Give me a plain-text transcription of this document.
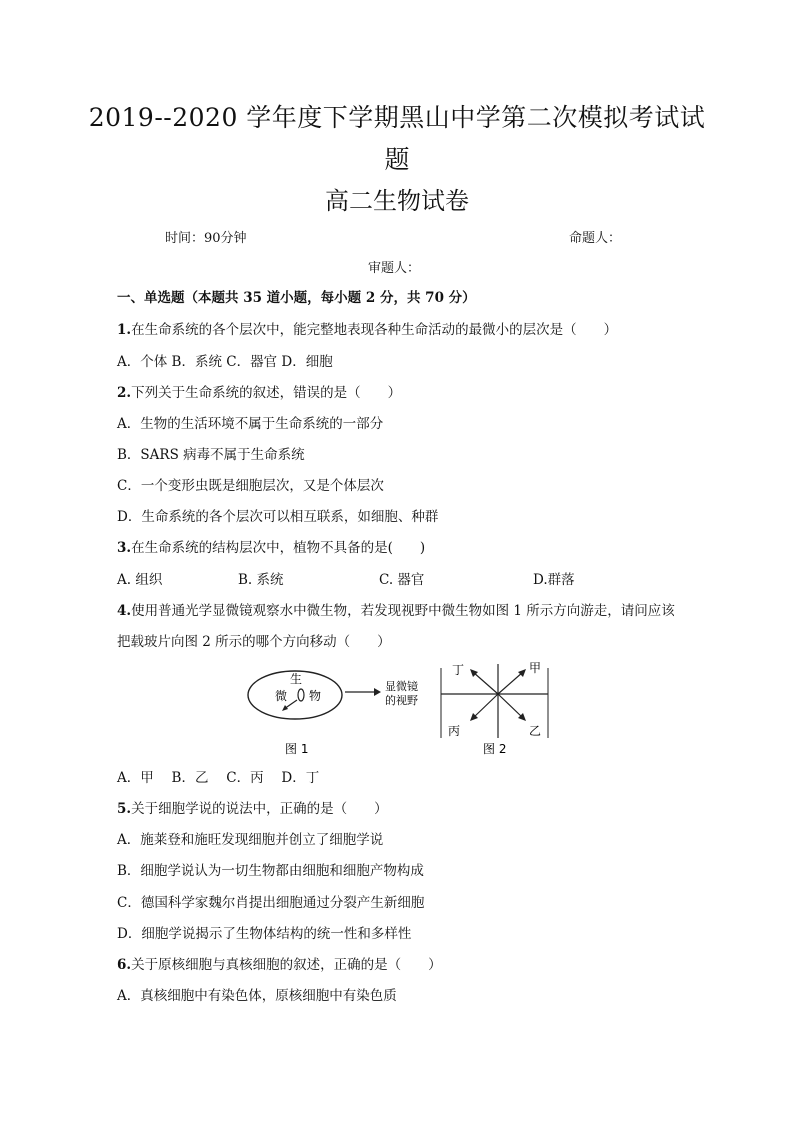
2019--2020 学年度下学期黑山中学第二次模拟考试试
题
高二生物试卷
时间：90分钟	命题人：
审题人：
一、单选题（本题共 35 道小题，每小题 2 分，共 70 分）
1.在生命系统的各个层次中，能完整地表现各种生命活动的最微小的层次是（　　）
A．个体 B．系统 C．器官 D．细胞
2.下列关于生命系统的叙述，错误的是（　　）
A．生物的生活环境不属于生命系统的一部分
B．SARS 病毒不属于生命系统
C．一个变形虫既是细胞层次，又是个体层次
D．生命系统的各个层次可以相互联系，如细胞、种群
3.在生命系统的结构层次中，植物不具备的是(　　)
A. 组织	B. 系统	C. 器官	D.群落
4.使用普通光学显微镜观察水中微生物，若发现视野中微生物如图 1 所示方向游走，请问应该
把载玻片向图 2 所示的哪个方向移动（　　）
生
微 物
显微镜
的视野
图 1
甲
丁
丙	乙
图 2
A．甲　 B．乙　 C．丙　 D．丁
5.关于细胞学说的说法中，正确的是（　　）
A．施莱登和施旺发现细胞并创立了细胞学说
B．细胞学说认为一切生物都由细胞和细胞产物构成
C．德国科学家魏尔肖提出细胞通过分裂产生新细胞
D．细胞学说揭示了生物体结构的统一性和多样性
6.关于原核细胞与真核细胞的叙述，正确的是（　　）
A．真核细胞中有染色体，原核细胞中有染色质
